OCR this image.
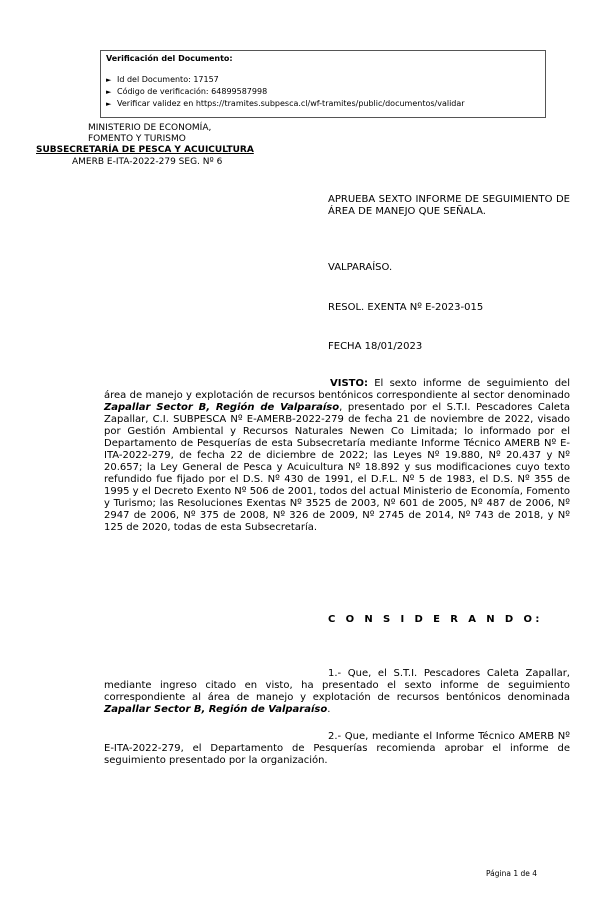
Verificación del Documento:
► Id del Documento: 17157
► Código de verificación: 64899587998
► Verificar validez en https://tramites.subpesca.cl/wf-tramites/public/documentos/validar
MINISTERIO DE ECONOMÍA,
FOMENTO Y TURISMO
SUBSECRETARÍA DE PESCA Y ACUICULTURA
AMERB E-ITA-2022-279 SEG. Nº 6
APRUEBA SEXTO INFORME DE SEGUIMIENTO DE ÁREA DE MANEJO QUE SEÑALA.
VALPARAÍSO.
RESOL. EXENTA Nº E-2023-015
FECHA 18/01/2023
VISTO: El sexto informe de seguimiento del área de manejo y explotación de recursos bentónicos correspondiente al sector denominado Zapallar Sector B, Región de Valparaíso, presentado por el S.T.I. Pescadores Caleta Zapallar, C.I. SUBPESCA Nº E-AMERB-2022-279 de fecha 21 de noviembre de 2022, visado por Gestión Ambiental y Recursos Naturales Newen Co Limitada; lo informado por el Departamento de Pesquerías de esta Subsecretaría mediante Informe Técnico AMERB Nº E-ITA-2022-279, de fecha 22 de diciembre de 2022; las Leyes Nº 19.880, Nº 20.437 y Nº 20.657; la Ley General de Pesca y Acuicultura Nº 18.892 y sus modificaciones cuyo texto refundido fue fijado por el D.S. Nº 430 de 1991, el D.F.L. Nº 5 de 1983, el D.S. Nº 355 de 1995 y el Decreto Exento Nº 506 de 2001, todos del actual Ministerio de Economía, Fomento y Turismo; las Resoluciones Exentas Nº 3525 de 2003, Nº 601 de 2005, Nº 487 de 2006, Nº 2947 de 2006, Nº 375 de 2008, Nº 326 de 2009, Nº 2745 de 2014, Nº 743 de 2018, y Nº 125 de 2020, todas de esta Subsecretaría.
C O N S I D E R A N D O:
1.- Que, el S.T.I. Pescadores Caleta Zapallar, mediante ingreso citado en visto, ha presentado el sexto informe de seguimiento correspondiente al área de manejo y explotación de recursos bentónicos denominada Zapallar Sector B, Región de Valparaíso.
2.- Que, mediante el Informe Técnico AMERB Nº E-ITA-2022-279, el Departamento de Pesquerías recomienda aprobar el informe de seguimiento presentado por la organización.
Página 1 de 4
